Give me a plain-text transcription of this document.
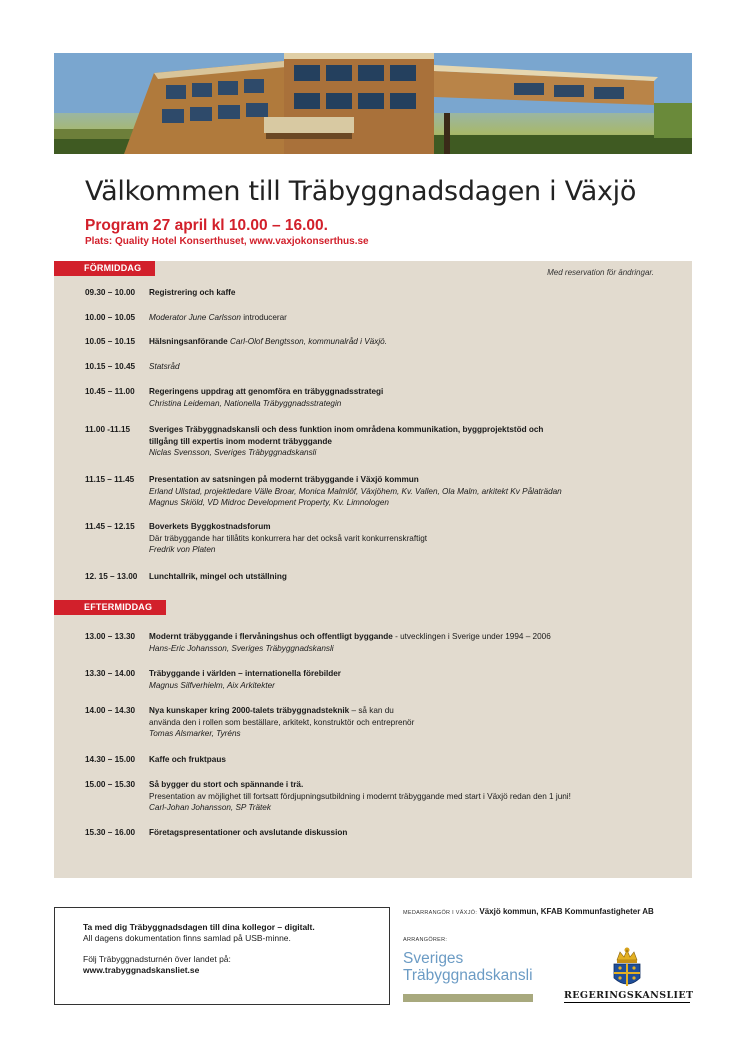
Välkommen till Träbyggnadsdagen i Växjö
Program 27 april kl 10.00 – 16.00.
Plats: Quality Hotel Konserthuset, www.vaxjokonserthus.se
FÖRMIDDAG	Med reservation för ändringar.
09.30 – 10.00	Registrering och kaffe
10.00 – 10.05	Moderator June Carlsson introducerar
10.05 – 10.15	Hälsningsanförande Carl-Olof Bengtsson, kommunalråd i Växjö.
10.15 – 10.45	Statsråd
10.45 – 11.00	Regeringens uppdrag att genomföra en träbyggnadsstrategi
Christina Leideman, Nationella Träbyggnadsstrategin
11.00 -11.15	Sveriges Träbyggnadskansli och dess funktion inom områdena kommunikation, byggprojektstöd och
tillgång till expertis inom modernt träbyggande
Niclas Svensson, Sveriges Träbyggnadskansli
11.15 – 11.45	Presentation av satsningen på modernt träbyggande i Växjö kommun
Erland Ullstad, projektledare Välle Broar, Monica Malmlöf, Växjöhem, Kv. Vallen, Ola Malm, arkitekt Kv Pålaträdan
Magnus Skiöld, VD Midroc Development Property, Kv. Limnologen
11.45 – 12.15	Boverkets Byggkostnadsforum
Där träbyggande har tillåtits konkurrera har det också varit konkurrenskraftigt
Fredrik von Platen
12. 15 – 13.00	Lunchtallrik, mingel och utställning
EFTERMIDDAG
13.00 – 13.30	Modernt träbyggande i flervåningshus och offentligt byggande - utvecklingen i Sverige under 1994 – 2006
Hans-Eric Johansson, Sveriges Träbyggnadskansli
13.30 – 14.00	Träbyggande i världen – internationella förebilder
Magnus Silfverhielm, Aix Arkitekter
14.00 – 14.30	Nya kunskaper kring 2000-talets träbyggnadsteknik – så kan du
använda den i rollen som beställare, arkitekt, konstruktör och entreprenör
Tomas Alsmarker, Tyréns
14.30 – 15.00	Kaffe och fruktpaus
15.00 – 15.30	Så bygger du stort och spännande i trä.
Presentation av möjlighet till fortsatt fördjupningsutbildning i modernt träbyggande med start i Växjö redan den 1 juni!
Carl-Johan Johansson, SP Trätek
15.30 – 16.00	Företagspresentationer och avslutande diskussion
Ta med dig Träbyggnadsdagen till dina kollegor – digitalt.
All dagens dokumentation finns samlad på USB-minne.
Följ Träbyggnadsturnén över landet på:
www.trabyggnadskansliet.se
MEDARRANGÖR I VÄXJÖ: Växjö kommun, KFAB Kommunfastigheter AB
ARRANGÖRER:
Sveriges
Träbyggnadskansli
REGERINGSKANSLIET
